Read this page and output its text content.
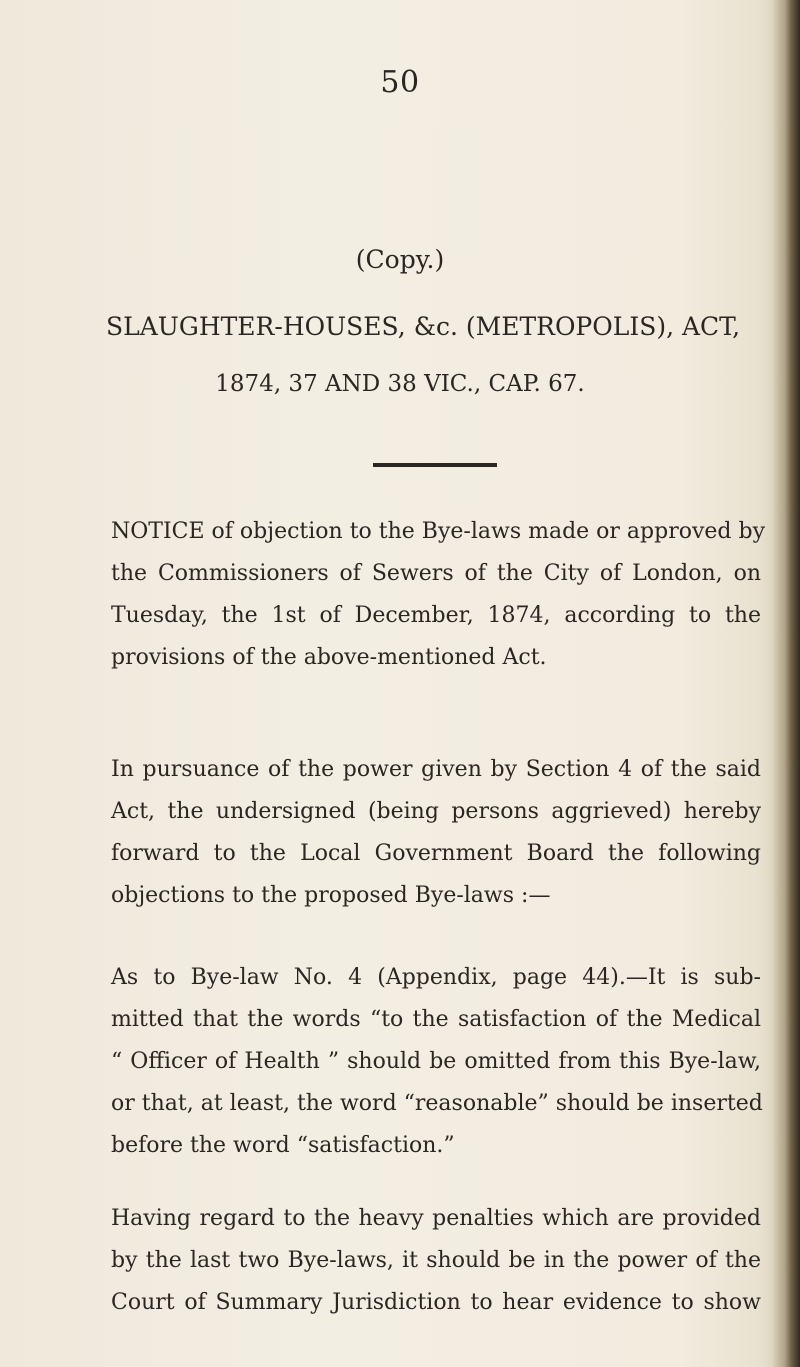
50
(Copy.)
SLAUGHTER-HOUSES, &c. (METROPOLIS), ACT,
1874, 37 AND 38 VIC., CAP. 67.
NOTICE of objection to the Bye-laws made or approved by
the Commissioners of Sewers of the City of London, on
Tuesday, the 1st of December, 1874, according to the
provisions of the above-mentioned Act.
In pursuance of the power given by Section 4 of the said
Act, the undersigned (being persons aggrieved) hereby
forward to the Local Government Board the following
objections to the proposed Bye-laws :—
As to Bye-law No. 4 (Appendix, page 44).—It is sub-
mitted that the words “to the satisfaction of the Medical
“ Officer of Health ” should be omitted from this Bye-law,
or that, at least, the word “reasonable” should be inserted
before the word “satisfaction.”
Having regard to the heavy penalties which are provided
by the last two Bye-laws, it should be in the power of the
Court of Summary Jurisdiction to hear evidence to show
